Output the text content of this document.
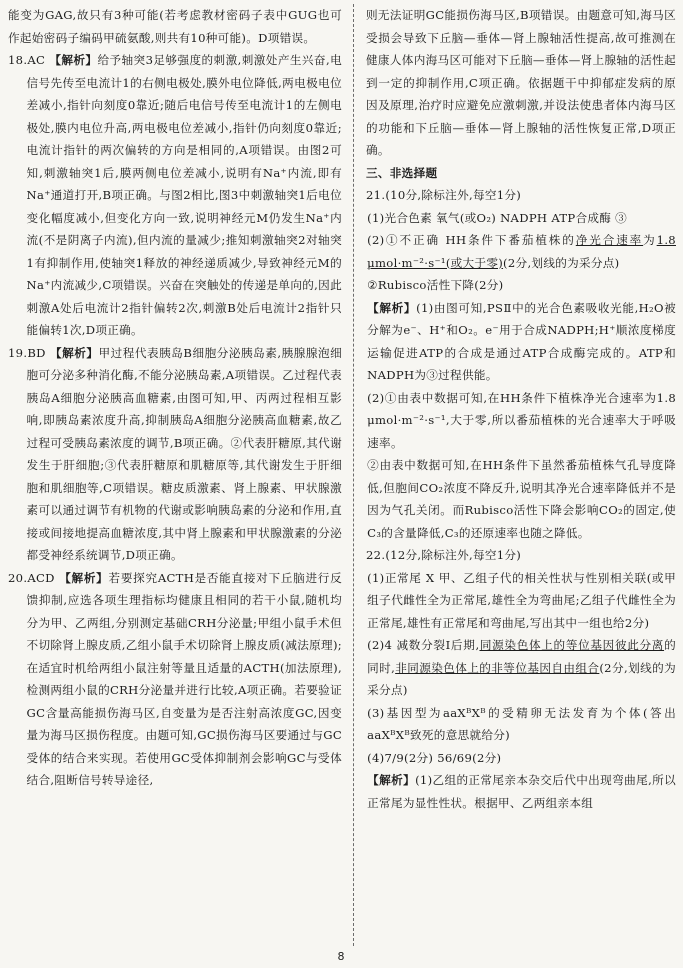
能变为GAG,故只有3种可能(若考虑教材密码子表中GUG也可作起始密码子编码甲硫氨酸,则共有10种可能)。D项错误。

18.AC 【解析】给予轴突3足够强度的刺激,刺激处产生兴奋,电信号先传至电流计1的右侧电极处,膜外电位降低,两电极电位差减小,指针向刻度0靠近;随后电信号传至电流计1的左侧电极处,膜内电位升高,两电极电位差减小,指针仍向刻度0靠近;电流计指针的两次偏转的方向是相同的,A项错误。由图2可知,刺激轴突1后,膜两侧电位差减小,说明有Na⁺内流,即有Na⁺通道打开,B项正确。与图2相比,图3中刺激轴突1后电位变化幅度减小,但变化方向一致,说明神经元M仍发生Na⁺内流(不是阴离子内流),但内流的量减少;推知刺激轴突2对轴突1有抑制作用,使轴突1释放的神经递质减少,导致神经元M的Na⁺内流减少,C项错误。兴奋在突触处的传递是单向的,因此刺激A处后电流计2指针偏转2次,刺激B处后电流计2指针只能偏转1次,D项正确。

19.BD 【解析】甲过程代表胰岛B细胞分泌胰岛素,胰腺腺泡细胞可分泌多种消化酶,不能分泌胰岛素,A项错误。乙过程代表胰岛A细胞分泌胰高血糖素,由图可知,甲、丙两过程相互影响,即胰岛素浓度升高,抑制胰岛A细胞分泌胰高血糖素,故乙过程可受胰岛素浓度的调节,B项正确。②代表肝糖原,其代谢发生于肝细胞;③代表肝糖原和肌糖原等,其代谢发生于肝细胞和肌细胞等,C项错误。糖皮质激素、肾上腺素、甲状腺激素可以通过调节有机物的代谢或影响胰岛素的分泌和作用,直接或间接地提高血糖浓度,其中肾上腺素和甲状腺激素的分泌都受神经系统调节,D项正确。

20.ACD 【解析】若要探究ACTH是否能直接对下丘脑进行反馈抑制,应选各项生理指标均健康且相同的若干小鼠,随机均分为甲、乙两组,分别测定基础CRH分泌量;甲组小鼠手术但不切除肾上腺皮质,乙组小鼠手术切除肾上腺皮质(减法原理);在适宜时机给两组小鼠注射等量且适量的ACTH(加法原理),检测两组小鼠的CRH分泌量并进行比较,A项正确。若要验证GC含量高能损伤海马区,自变量为是否注射高浓度GC,因变量为海马区损伤程度。由题可知,GC损伤海马区要通过与GC受体的结合来实现。若使用GC受体抑制剂会影响GC与受体结合,阻断信号转导途径,

则无法证明GC能损伤海马区,B项错误。由题意可知,海马区受损会导致下丘脑—垂体—肾上腺轴活性提高,故可推测在健康人体内海马区可能对下丘脑—垂体—肾上腺轴的活性起到一定的抑制作用,C项正确。依据题干中抑郁症发病的原因及原理,治疗时应避免应激刺激,并设法使患者体内海马区的功能和下丘脑—垂体—肾上腺轴的活性恢复正常,D项正确。

三、非选择题

21.(10分,除标注外,每空1分)

(1)光合色素 氧气(或O₂) NADPH ATP合成酶 ③

(2)①不正确 HH条件下番茄植株的净光合速率为1.8 μmol·m⁻²·s⁻¹(或大于零)(2分,划线的为采分点)

②Rubisco活性下降(2分)

【解析】(1)由图可知,PSⅡ中的光合色素吸收光能,H₂O被分解为e⁻、H⁺和O₂。e⁻用于合成NADPH;H⁺顺浓度梯度运输促进ATP的合成是通过ATP合成酶完成的。ATP和NADPH为③过程供能。

(2)①由表中数据可知,在HH条件下植株净光合速率为1.8 μmol·m⁻²·s⁻¹,大于零,所以番茄植株的光合速率大于呼吸速率。

②由表中数据可知,在HH条件下虽然番茄植株气孔导度降低,但胞间CO₂浓度不降反升,说明其净光合速率降低并不是因为气孔关闭。而Rubisco活性下降会影响CO₂的固定,使C₃的含量降低,C₃的还原速率也随之降低。

22.(12分,除标注外,每空1分)

(1)正常尾 X 甲、乙组子代的相关性状与性别相关联(或甲组子代雌性全为正常尾,雄性全为弯曲尾;乙组子代雌性全为正常尾,雄性有正常尾和弯曲尾,写出其中一组也给2分)

(2)4 减数分裂Ⅰ后期,同源染色体上的等位基因彼此分离的同时,非同源染色体上的非等位基因自由组合(2分,划线的为采分点)

(3)基因型为aaXᴮXᴮ的受精卵无法发育为个体(答出aaXᴮXᴮ致死的意思就给分)

(4)7/9(2分) 56/69(2分)

【解析】(1)乙组的正常尾亲本杂交后代中出现弯曲尾,所以正常尾为显性性状。根据甲、乙两组亲本组

8
